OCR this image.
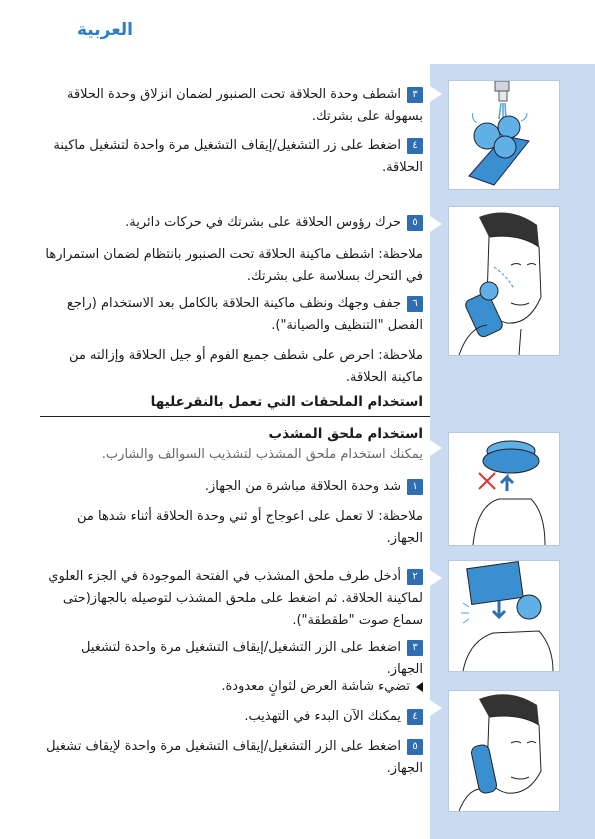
العربية
٣اشطف وحدة الحلاقة تحت الصنبور لضمان انزلاق وحدة الحلاقة بسهولة على بشرتك.
٤اضغط على زر التشغيل/إيقاف التشغيل مرة واحدة لتشغيل ماكينة الحلاقة.
٥حرك رؤوس الحلاقة على بشرتك في حركات دائرية.
ملاحظة: اشطف ماكينة الحلاقة تحت الصنبور بانتظام لضمان استمرارها في التحرك بسلاسة على بشرتك.
٦جفف وجهك ونظف ماكينة الحلاقة بالكامل بعد الاستخدام (راجع الفصل "التنظيف والصيانة").
ملاحظة: احرص على شطف جميع الفوم أو جيل الحلاقة وإزالته من ماكينة الحلاقة.
استخدام الملحقات التي تعمل بالنقرعليها
استخدام ملحق المشذب
يمكنك استخدام ملحق المشذب لتشذيب السوالف والشارب.
١شد وحدة الحلاقة مباشرة من الجهاز.
ملاحظة: لا تعمل على اعوجاج أو ثني وحدة الحلاقة أثناء شدها من الجهاز.
٢أدخل طرف ملحق المشذب في الفتحة الموجودة في الجزء العلوي لماكينة الحلاقة. ثم اضغط على ملحق المشذب لتوصيله بالجهاز(حتى سماع صوت "طقطقة").
٣اضغط على الزر التشغيل/إيقاف التشغيل مرة واحدة لتشغيل الجهاز.
تضيء شاشة العرض لثوانٍ معدودة.
٤يمكنك الآن البدء في التهذيب.
٥اضغط على الزر التشغيل/إيقاف التشغيل مرة واحدة لإيقاف تشغيل الجهاز.
